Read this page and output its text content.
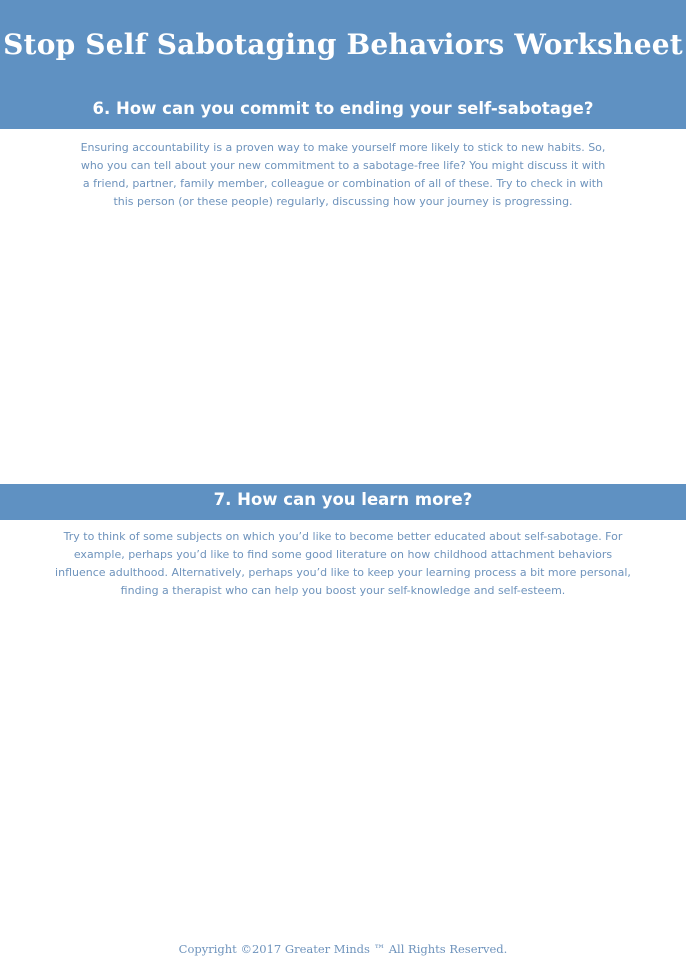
Stop Self Sabotaging Behaviors Worksheet
6. How can you commit to ending your self-sabotage?

Ensuring accountability is a proven way to make yourself more likely to stick to new habits. So, who you can tell about your new commitment to a sabotage-free life? You might discuss it with a friend, partner, family member, colleague or combination of all of these. Try to check in with this person (or these people) regularly, discussing how your journey is progressing.

7. How can you learn more?

Try to think of some subjects on which you’d like to become better educated about self-sabotage. For example, perhaps you’d like to find some good literature on how childhood attachment behaviors influence adulthood. Alternatively, perhaps you’d like to keep your learning process a bit more personal, finding a therapist who can help you boost your self-knowledge and self-esteem.

Copyright ©2017 Greater Minds ™ All Rights Reserved.
